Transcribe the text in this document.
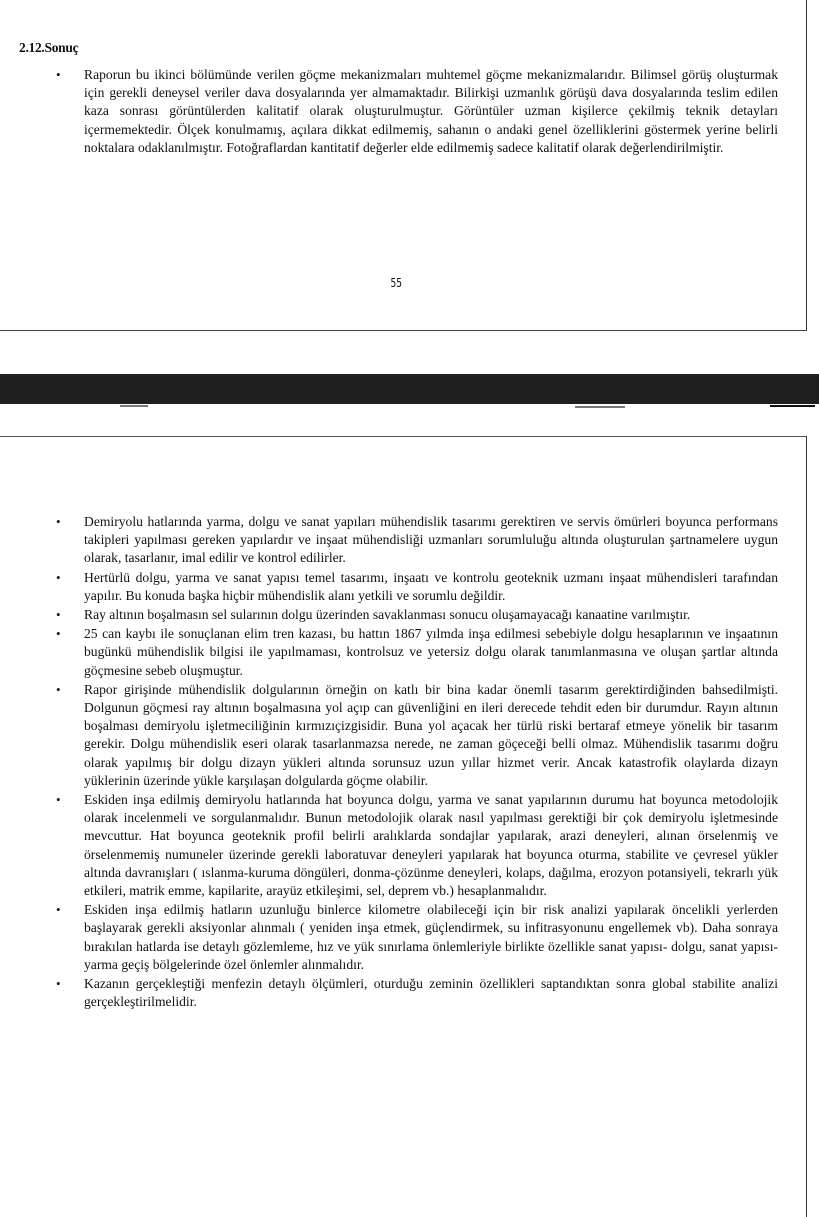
2.12.Sonuç
• Raporun bu ikinci bölümünde verilen göçme mekanizmaları muhtemel göçme mekanizmalarıdır. Bilimsel görüş oluşturmak için gerekli deneysel veriler dava dosyalarında yer almamaktadır. Bilirkişi uzmanlık görüşü dava dosyalarında teslim edilen kaza sonrası görüntülerden kalitatif olarak oluşturulmuştur. Görüntüler uzman kişilerce çekilmiş teknik detayları içermemektedir. Ölçek konulmamış, açılara dikkat edilmemiş, sahanın o andaki genel özelliklerini göstermek yerine belirli noktalara odaklanılmıştır. Fotoğraflardan kantitatif değerler elde edilmemiş sadece kalitatif olarak değerlendirilmiştir.
55
• Demiryolu hatlarında yarma, dolgu ve sanat yapıları mühendislik tasarımı gerektiren ve servis ömürleri boyunca performans takipleri yapılması gereken yapılardır ve inşaat mühendisliği uzmanları sorumluluğu altında oluşturulan şartnamelere uygun olarak, tasarlanır, imal edilir ve kontrol edilirler.
• Hertürlü dolgu, yarma ve sanat yapısı temel tasarımı, inşaatı ve kontrolu geoteknik uzmanı inşaat mühendisleri tarafından yapılır. Bu konuda başka hiçbir mühendislik alanı yetkili ve sorumlu değildir.
• Ray altının boşalmasın sel sularının dolgu üzerinden savaklanması sonucu oluşamayacağı kanaatine varılmıştır.
• 25 can kaybı ile sonuçlanan elim tren kazası, bu hattın 1867 yılmda inşa edilmesi sebebiyle dolgu hesaplarının ve inşaatının bugünkü mühendislik bilgisi ile yapılmaması, kontrolsuz ve yetersiz dolgu olarak tanımlanmasına ve oluşan şartlar altında göçmesine sebeb oluşmuştur.
• Rapor girişinde mühendislik dolgularının örneğin on katlı bir bina kadar önemli tasarım gerektirdiğinden bahsedilmişti. Dolgunun göçmesi ray altının boşalmasına yol açıp can güvenliğini en ileri derecede tehdit eden bir durumdur. Rayın altının boşalması demiryolu işletmeciliğinin kırmızıçizgisidir. Buna yol açacak her türlü riski bertaraf etmeye yönelik bir tasarım gerekir. Dolgu mühendislik eseri olarak tasarlanmazsa nerede, ne zaman göçeceği belli olmaz. Mühendislik tasarımı doğru olarak yapılmış bir dolgu dizayn yükleri altında sorunsuz uzun yıllar hizmet verir. Ancak katastrofik olaylarda dizayn yüklerinin üzerinde yükle karşılaşan dolgularda göçme olabilir.
• Eskiden inşa edilmiş demiryolu hatlarında hat boyunca dolgu, yarma ve sanat yapılarının durumu hat boyunca metodolojik olarak incelenmeli ve sorgulanmalıdır. Bunun metodolojik olarak nasıl yapılması gerektiği bir çok demiryolu işletmesinde mevcuttur. Hat boyunca geoteknik profil belirli aralıklarda sondajlar yapılarak, arazi deneyleri, alınan örselenmiş ve örselenmemiş numuneler üzerinde gerekli laboratuvar deneyleri yapılarak hat boyunca oturma, stabilite ve çevresel yükler altında davranışları ( ıslanma-kuruma döngüleri, donma-çözünme deneyleri, kolaps, dağılma, erozyon potansiyeli, tekrarlı yük etkileri, matrik emme, kapilarite, arayüz etkileşimi, sel, deprem vb.) hesaplanmalıdır.
• Eskiden inşa edilmiş hatların uzunluğu binlerce kilometre olabileceği için bir risk analizi yapılarak öncelikli yerlerden başlayarak gerekli aksiyonlar alınmalı ( yeniden inşa etmek, güçlendirmek, su infitrasyonunu engellemek vb). Daha sonraya bırakılan hatlarda ise detaylı gözlemleme, hız ve yük sınırlama önlemleriyle birlikte özellikle sanat yapısı- dolgu, sanat yapısı- yarma geçiş bölgelerinde özel önlemler alınmalıdır.
• Kazanın gerçekleştiği menfezin detaylı ölçümleri, oturduğu zeminin özellikleri saptandıktan sonra global stabilite analizi gerçekleştirilmelidir.
